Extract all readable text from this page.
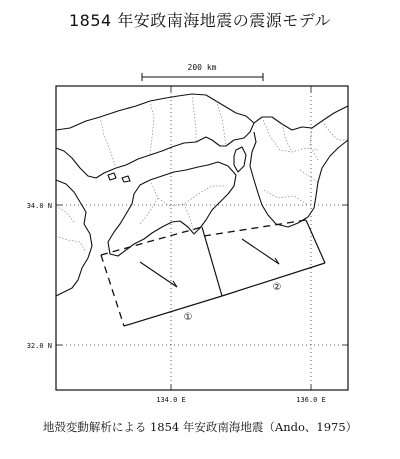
1854 年安政南海地震の震源モデル
200 km
34.0 N
32.0 N
134.0 E	136.0 E
①
②
地殻変動解析による 1854 年安政南海地震（Ando、1975）
